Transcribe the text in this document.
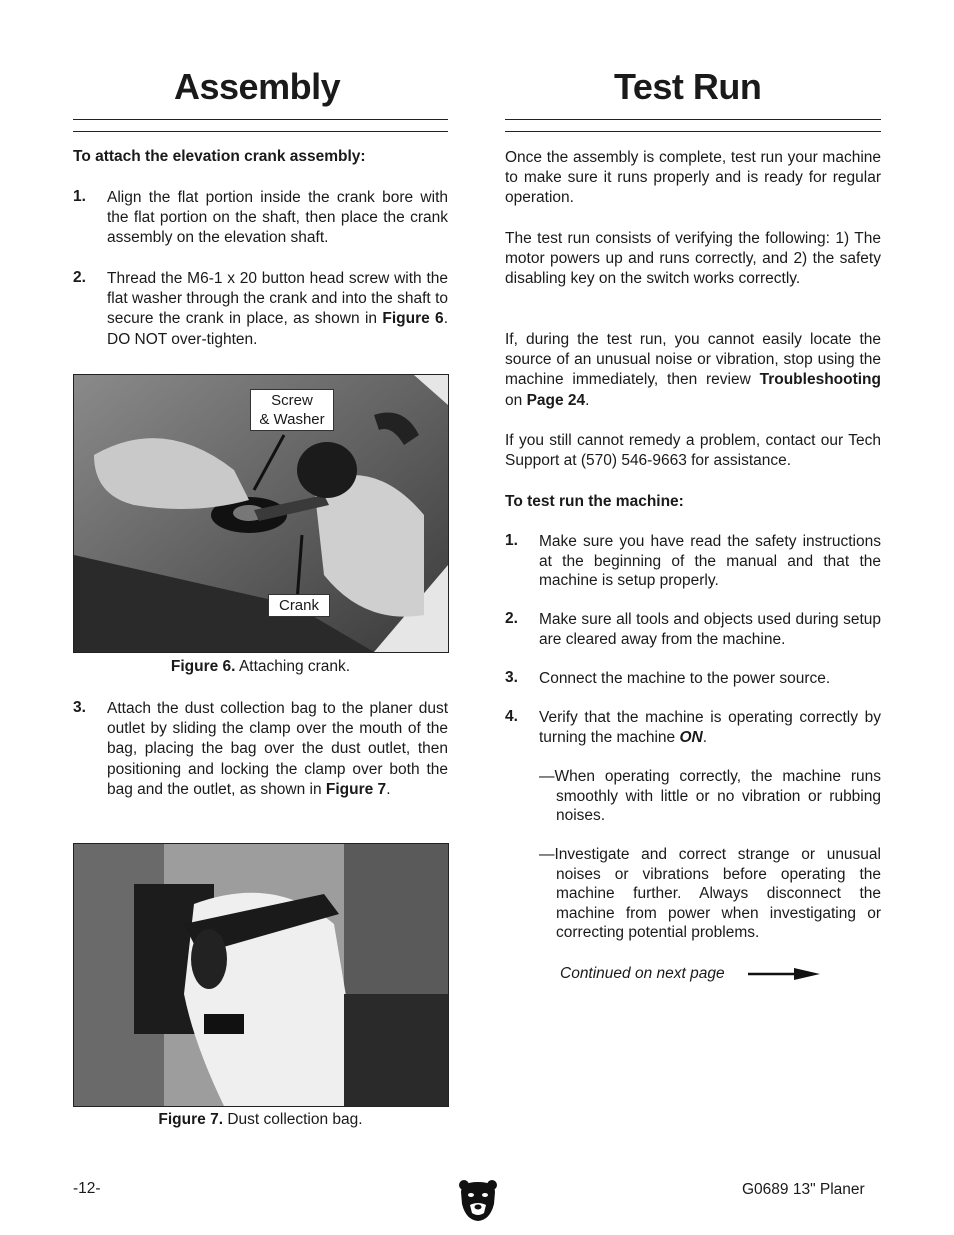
Assembly
To attach the elevation crank assembly:
1. Align the flat portion inside the crank bore with the flat portion on the shaft, then place the crank assembly on the elevation shaft.
2. Thread the M6-1 x 20 button head screw with the flat washer through the crank and into the shaft to secure the crank in place, as shown in Figure 6. DO NOT over-tighten.
Screw
& Washer
Crank
Figure 6. Attaching crank.
3. Attach the dust collection bag to the planer dust outlet by sliding the clamp over the mouth of the bag, placing the bag over the dust outlet, then positioning and locking the clamp over both the bag and the outlet, as shown in Figure 7.
Figure 7. Dust collection bag.
Test Run
Once the assembly is complete, test run your machine to make sure it runs properly and is ready for regular operation.
The test run consists of verifying the following: 1) The motor powers up and runs correctly, and 2) the safety disabling key on the switch works correctly.
If, during the test run, you cannot easily locate the source of an unusual noise or vibration, stop using the machine immediately, then review Troubleshooting on Page 24.
If you still cannot remedy a problem, contact our Tech Support at (570) 546-9663 for assistance.
To test run the machine:
1. Make sure you have read the safety instructions at the beginning of the manual and that the machine is setup properly.
2. Make sure all tools and objects used during setup are cleared away from the machine.
3. Connect the machine to the power source.
4. Verify that the machine is operating correctly by turning the machine ON.
—When operating correctly, the machine runs smoothly with little or no vibration or rubbing noises.
—Investigate and correct strange or unusual noises or vibrations before operating the machine further. Always disconnect the machine from power when investigating or correcting potential problems.
Continued on next page
-12-	G0689 13" Planer
